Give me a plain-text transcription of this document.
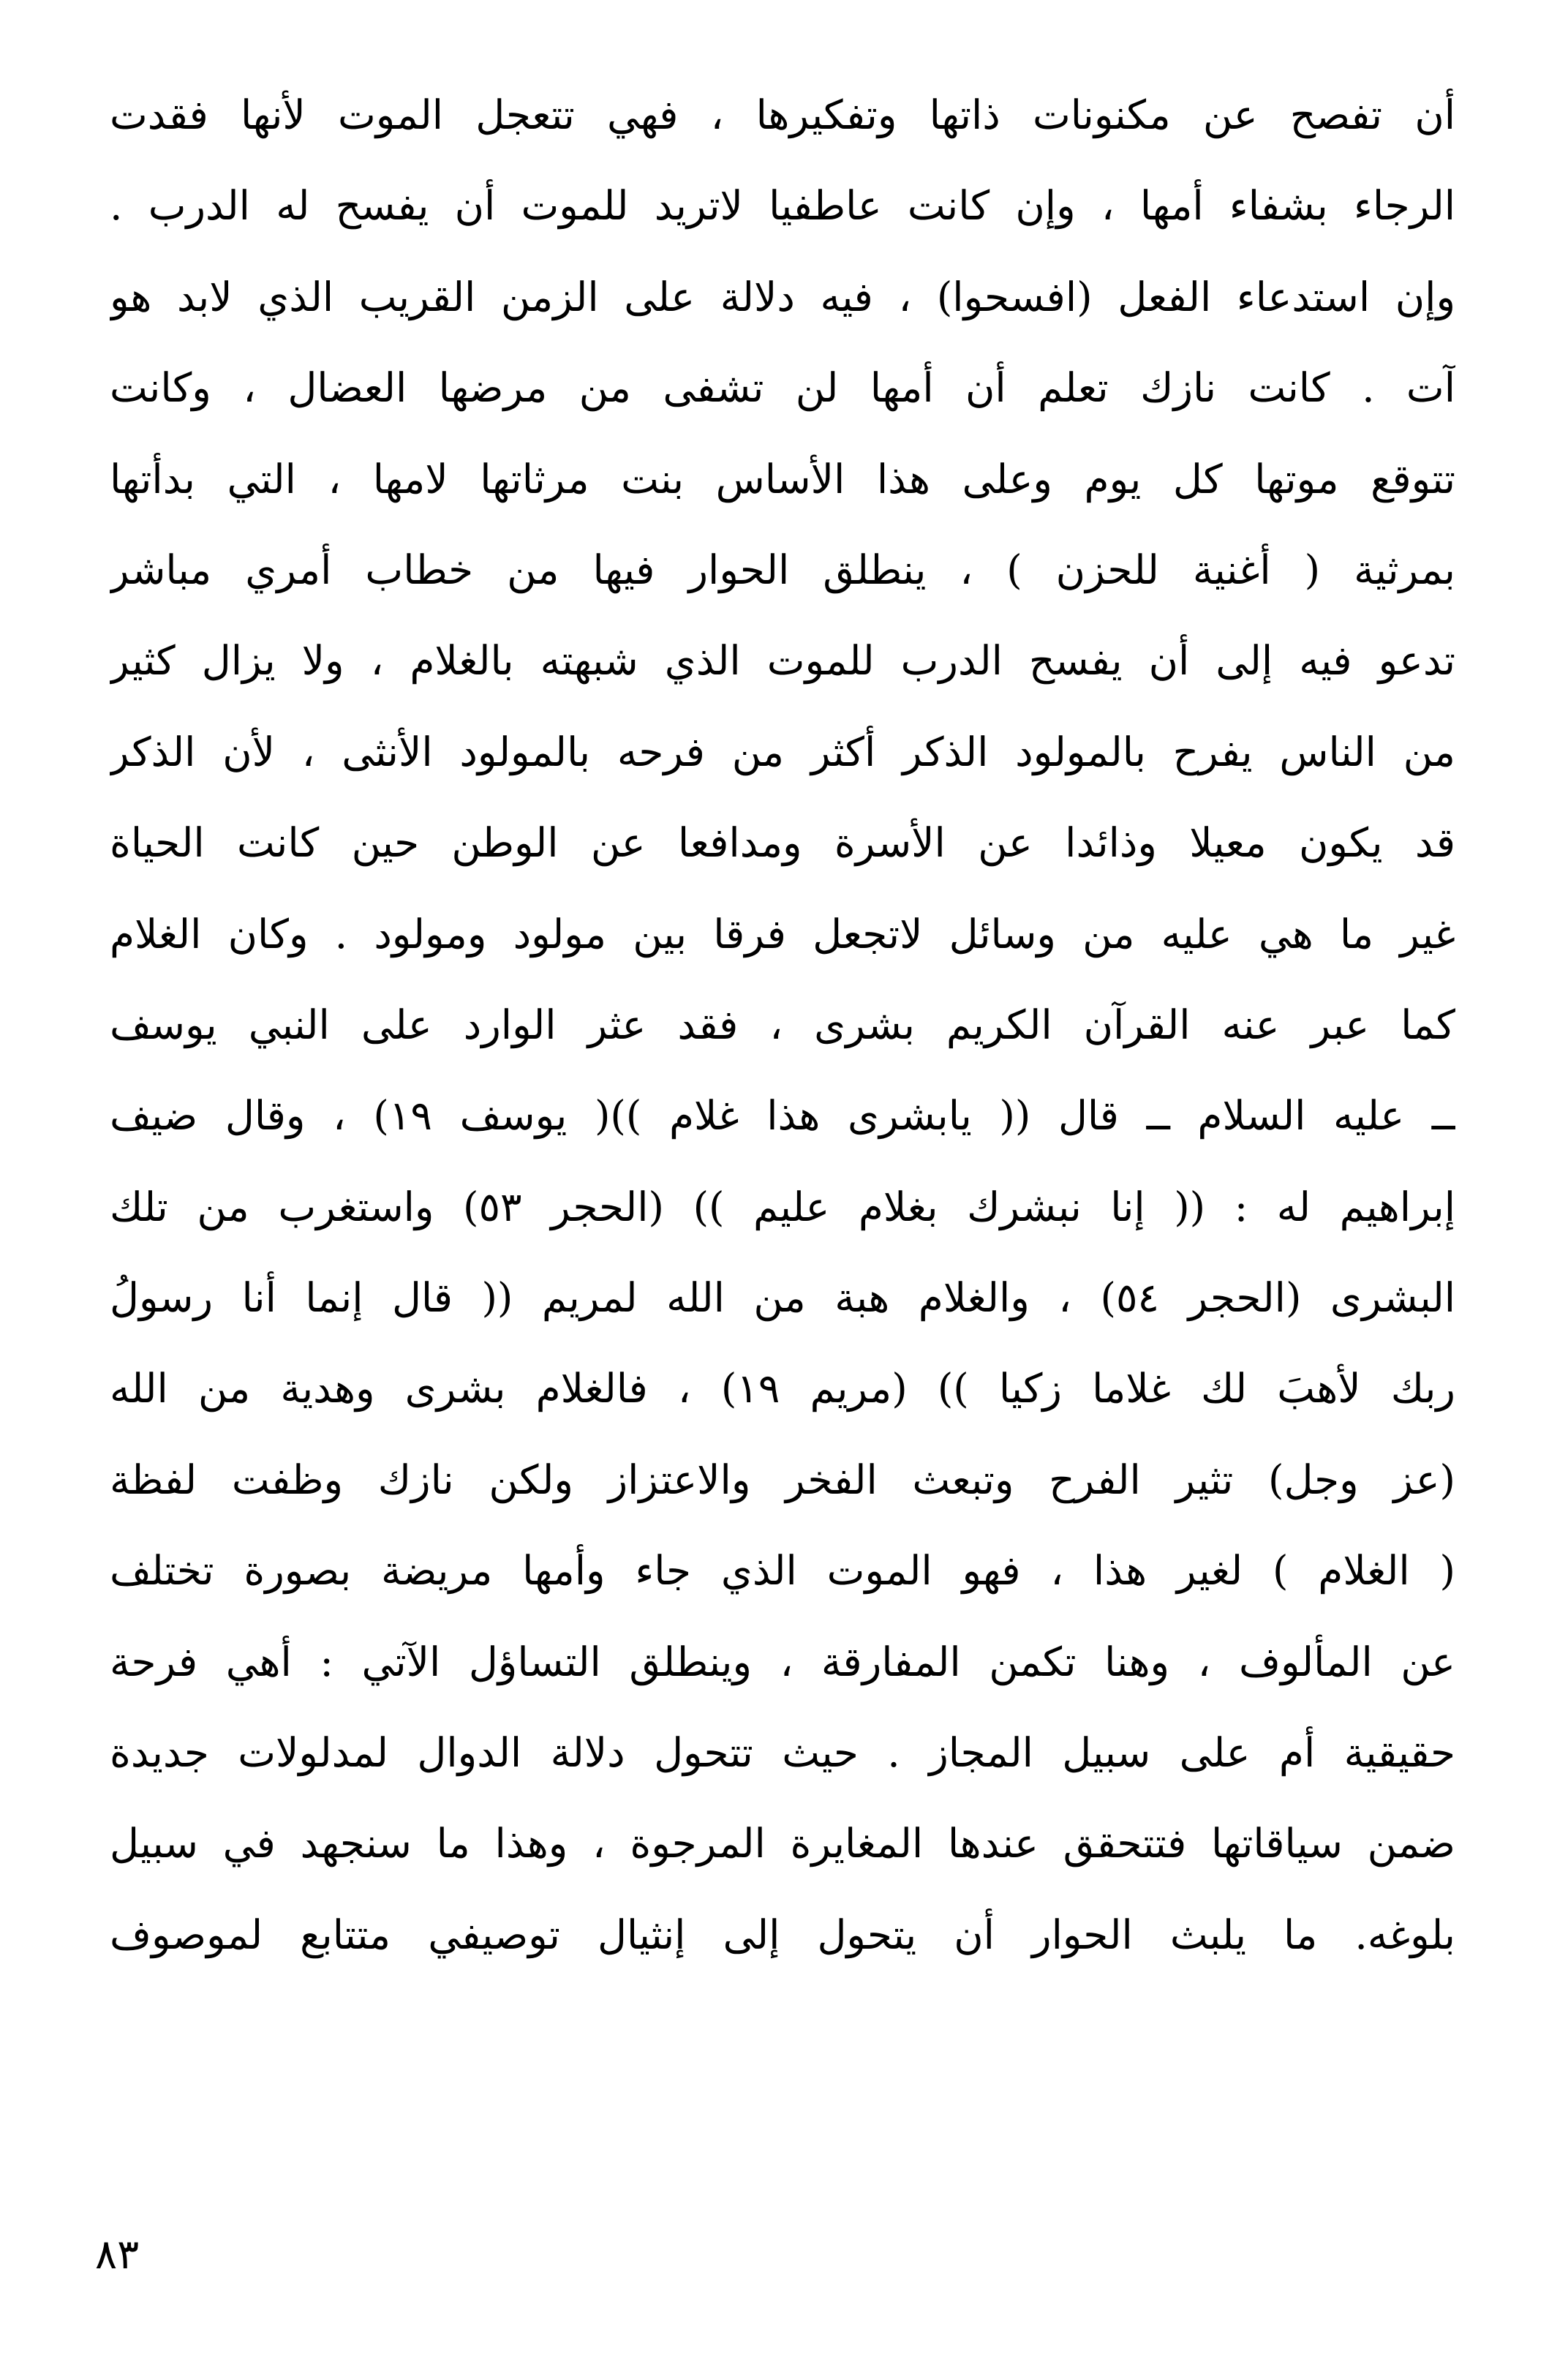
أن تفصح عن مكنونات ذاتها وتفكيرها ، فهي تتعجل الموت لأنها فقدت
الرجاء بشفاء أمها ، وإن كانت عاطفيا لاتريد للموت أن يفسح له الدرب .
وإن استدعاء الفعل (افسحوا) ، فيه دلالة على الزمن القريب الذي لابد هو
آت . كانت نازك تعلم أن أمها لن تشفى من مرضها العضال ، وكانت
تتوقع موتها كل يوم وعلى هذا الأساس بنت مرثاتها لامها ، التي بدأتها
بمرثية ( أغنية للحزن ) ، ينطلق الحوار فيها من خطاب أمري مباشر
تدعو فيه إلى أن يفسح الدرب للموت الذي شبهته بالغلام ، ولا يزال كثير
من الناس يفرح بالمولود الذكر أكثر من فرحه بالمولود الأنثى ، لأن الذكر
قد يكون معيلا وذائدا عن الأسرة ومدافعا عن الوطن حين كانت الحياة
غير ما هي عليه من وسائل لاتجعل فرقا بين مولود ومولود . وكان الغلام
كما عبر عنه القرآن الكريم بشرى ، فقد عثر الوارد على النبي يوسف
ــ عليه السلام ــ قال (( يابشرى هذا غلام ))( يوسف ١٩) ، وقال ضيف
إبراهيم له : (( إنا نبشرك بغلام عليم )) (الحجر ٥٣) واستغرب من تلك
البشرى (الحجر ٥٤) ، والغلام هبة من الله لمريم (( قال إنما أنا رسولُ
ربك لأهبَ لك غلاما زكيا )) (مريم ١٩) ، فالغلام بشرى وهدية من الله
(عز وجل) تثير الفرح وتبعث الفخر والاعتزاز ولكن نازك وظفت لفظة
( الغلام ) لغير هذا ، فهو الموت الذي جاء وأمها مريضة بصورة تختلف
عن المألوف ، وهنا تكمن المفارقة ، وينطلق التساؤل الآتي : أهي فرحة
حقيقية أم على سبيل المجاز . حيث تتحول دلالة الدوال لمدلولات جديدة
ضمن سياقاتها فتتحقق عندها المغايرة المرجوة ، وهذا ما سنجهد في سبيل
بلوغه. ما يلبث الحوار أن يتحول إلى إنثيال توصيفي متتابع لموصوف
٨٣
